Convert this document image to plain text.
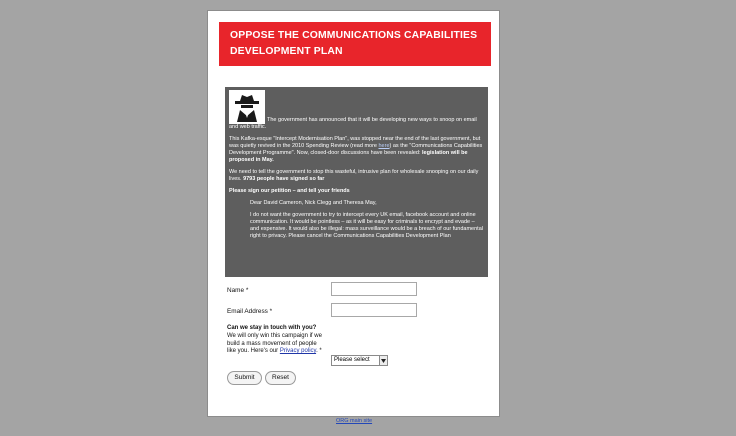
OPPOSE THE COMMUNICATIONS CAPABILITIES DEVELOPMENT PLAN

The government has announced that it will be developing new ways to snoop on email and web traffic.

This Kafka-esque "Intercept Modernisation Plan", was stopped near the end of the last government, but was quietly revived in the 2010 Spending Review (read more here) as the "Communications Capabilities Development Programme". Now, closed-door discussions have been revealed: legislation will be proposed in May.

We need to tell the government to stop this wasteful, intrusive plan for wholesale snooping on our daily lives. 9793 people have signed so far

Please sign our petition – and tell your friends

Dear David Cameron, Nick Clegg and Theresa May,

I do not want the government to try to intercept every UK email, facebook account and online communication. It would be pointless – as it will be easy for criminals to encrypt and evade – and expensive. It would also be illegal: mass surveillance would be a breach of our fundamental right to privacy. Please cancel the Communications Capabilities Development Plan

Name *
Email Address *
Can we stay in touch with you? We will only win this campaign if we build a mass movement of people like you. Here's our Privacy policy. *
Please select
Submit	Reset
ORG main site
